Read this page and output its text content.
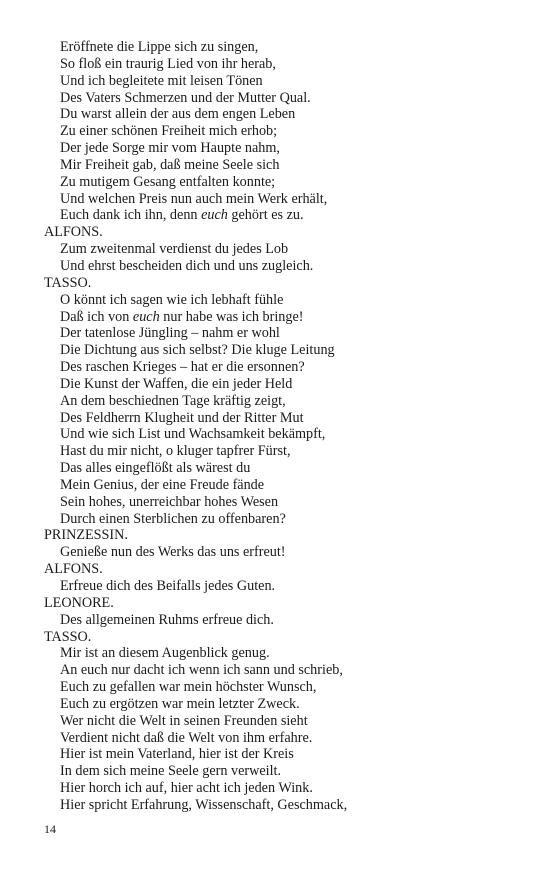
Eröffnete die Lippe sich zu singen,
So floß ein traurig Lied von ihr herab,
Und ich begleitete mit leisen Tönen
Des Vaters Schmerzen und der Mutter Qual.
Du warst allein der aus dem engen Leben
Zu einer schönen Freiheit mich erhob;
Der jede Sorge mir vom Haupte nahm,
Mir Freiheit gab, daß meine Seele sich
Zu mutigem Gesang entfalten konnte;
Und welchen Preis nun auch mein Werk erhält,
Euch dank ich ihn, denn euch gehört es zu.
ALFONS.
Zum zweitenmal verdienst du jedes Lob
Und ehrst bescheiden dich und uns zugleich.
TASSO.
O könnt ich sagen wie ich lebhaft fühle
Daß ich von euch nur habe was ich bringe!
Der tatenlose Jüngling – nahm er wohl
Die Dichtung aus sich selbst? Die kluge Leitung
Des raschen Krieges – hat er die ersonnen?
Die Kunst der Waffen, die ein jeder Held
An dem beschiednen Tage kräftig zeigt,
Des Feldherrn Klugheit und der Ritter Mut
Und wie sich List und Wachsamkeit bekämpft,
Hast du mir nicht, o kluger tapfrer Fürst,
Das alles eingeflößt als wärest du
Mein Genius, der eine Freude fände
Sein hohes, unerreichbar hohes Wesen
Durch einen Sterblichen zu offenbaren?
PRINZESSIN.
Genieße nun des Werks das uns erfreut!
ALFONS.
Erfreue dich des Beifalls jedes Guten.
LEONORE.
Des allgemeinen Ruhms erfreue dich.
TASSO.
Mir ist an diesem Augenblick genug.
An euch nur dacht ich wenn ich sann und schrieb,
Euch zu gefallen war mein höchster Wunsch,
Euch zu ergötzen war mein letzter Zweck.
Wer nicht die Welt in seinen Freunden sieht
Verdient nicht daß die Welt von ihm erfahre.
Hier ist mein Vaterland, hier ist der Kreis
In dem sich meine Seele gern verweilt.
Hier horch ich auf, hier acht ich jeden Wink.
Hier spricht Erfahrung, Wissenschaft, Geschmack,
14
